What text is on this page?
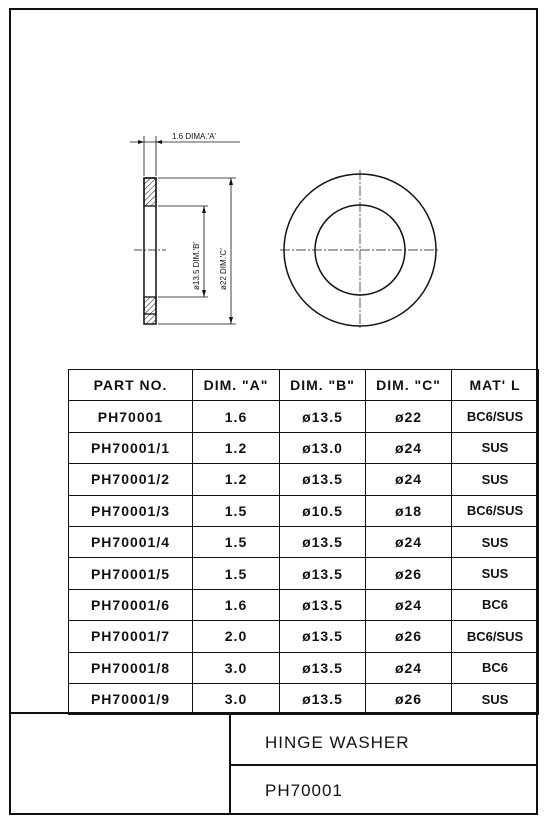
1.6 DIMA.'A'
ø13.5 DIM.'B' ø22 DIM.'C'
PART NO.	DIM. "A"	DIM. "B"	DIM. "C"	MAT' L
PH70001	1.6	ø13.5	ø22	BC6/SUS
PH70001/1	1.2	ø13.0	ø24	SUS
PH70001/2	1.2	ø13.5	ø24	SUS
PH70001/3	1.5	ø10.5	ø18	BC6/SUS
PH70001/4	1.5	ø13.5	ø24	SUS
PH70001/5	1.5	ø13.5	ø26	SUS
PH70001/6	1.6	ø13.5	ø24	BC6
PH70001/7	2.0	ø13.5	ø26	BC6/SUS
PH70001/8	3.0	ø13.5	ø24	BC6
PH70001/9	3.0	ø13.5	ø26	SUS
HINGE WASHER
PH70001
